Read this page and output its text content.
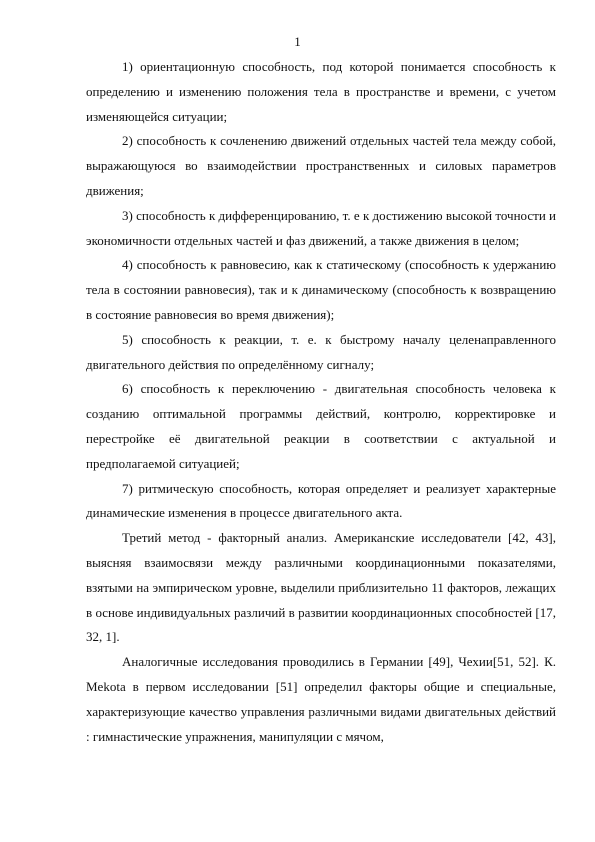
1

1) ориентационную способность, под которой понимается способность к определению и изменению положения тела в пространстве и времени, с учетом изменяющейся ситуации;

2) способность к сочленению движений отдельных частей тела между собой, выражающуюся во взаимодействии пространственных и силовых параметров движения;

3) способность к дифференцированию, т. е к достижению высокой точности и экономичности отдельных частей и фаз движений, а также движения в целом;

4) способность к равновесию, как к статическому (способность к удержанию тела в состоянии равновесия), так и к динамическому (способность к возвращению в состояние равновесия во время движения);

5) способность к реакции, т. е. к быстрому началу целенаправленного двигательного действия по определённому сигналу;

6) способность к переключению - двигательная способность человека к созданию оптимальной программы действий, контролю, корректировке и перестройке её двигательной реакции в соответствии с актуальной и предполагаемой ситуацией;

7) ритмическую способность, которая определяет и реализует характерные динамические изменения в процессе двигательного акта.

Третий метод - факторный анализ. Американские исследователи [42, 43], выясняя взаимосвязи между различными координационными показателями, взятыми на эмпирическом уровне, выделили приблизительно 11 факторов, лежащих в основе индивидуальных различий в развитии координационных способностей [17, 32, 1].

Аналогичные исследования проводились в Германии [49], Чехии[51, 52]. К. Mekota в первом исследовании [51] определил факторы общие и специальные, характеризующие качество управления различными видами двигательных действий : гимнастические упражнения, манипуляции с мячом,
